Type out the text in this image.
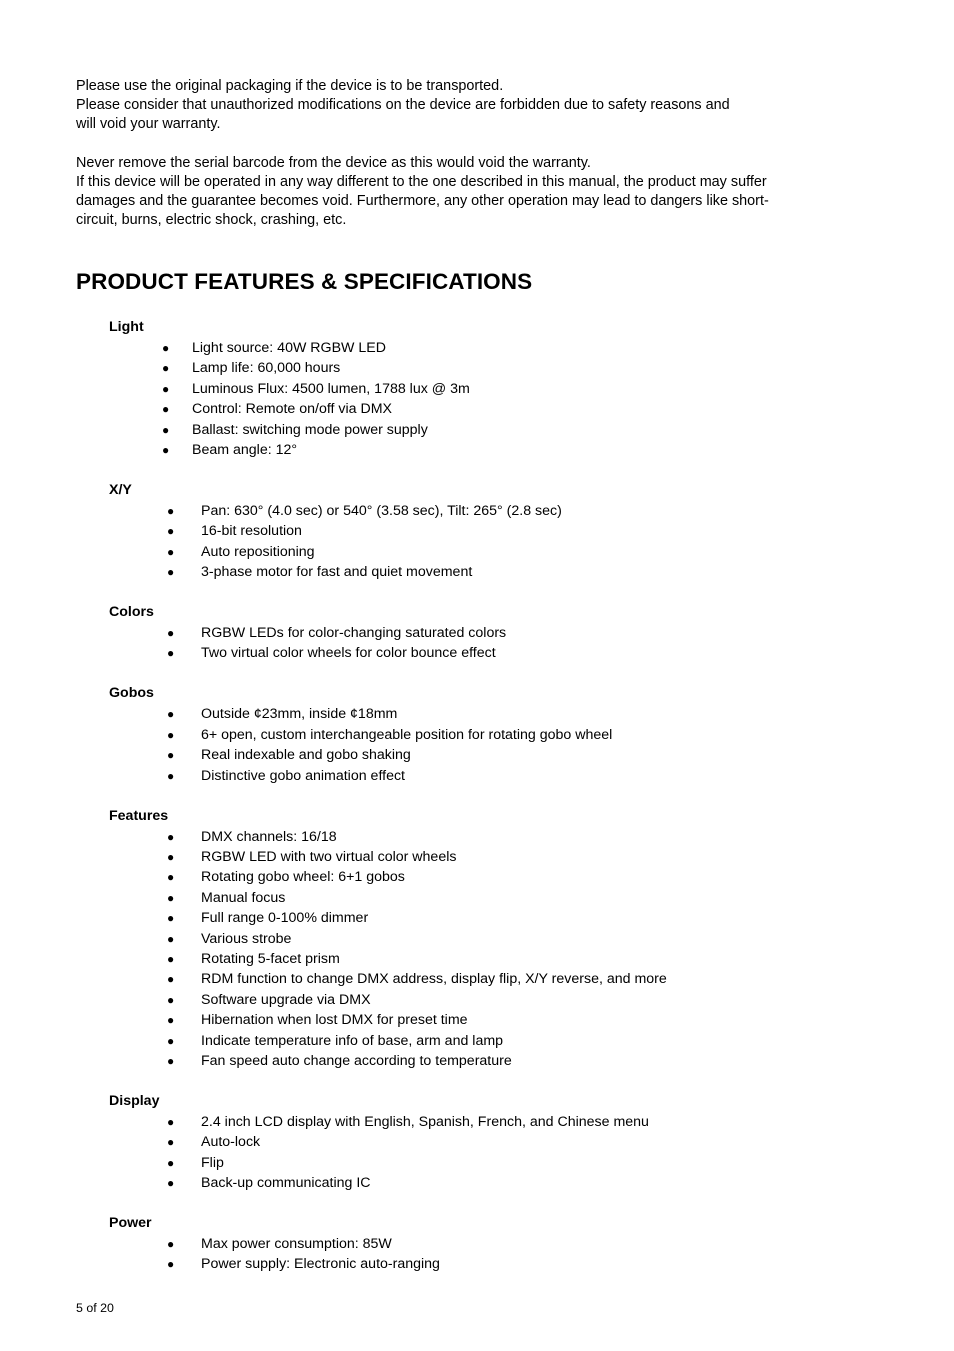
Please use the original packaging if the device is to be transported.
Please consider that unauthorized modifications on the device are forbidden due to safety reasons and
will void your warranty.

Never remove the serial barcode from the device as this would void the warranty.
If this device will be operated in any way different to the one described in this manual, the product may suffer
damages and the guarantee becomes void. Furthermore, any other operation may lead to dangers like short-
circuit, burns, electric shock, crashing, etc.

PRODUCT FEATURES & SPECIFICATIONS
Light
● Light source: 40W RGBW LED
● Lamp life: 60,000 hours
● Luminous Flux: 4500 lumen, 1788 lux @ 3m
● Control: Remote on/off via DMX
● Ballast: switching mode power supply
● Beam angle: 12°
X/Y
● Pan: 630° (4.0 sec) or 540° (3.58 sec), Tilt: 265° (2.8 sec)
● 16-bit resolution
● Auto repositioning
● 3-phase motor for fast and quiet movement
Colors
● RGBW LEDs for color-changing saturated colors
● Two virtual color wheels for color bounce effect
Gobos
● Outside ¢23mm, inside ¢18mm
● 6+ open, custom interchangeable position for rotating gobo wheel
● Real indexable and gobo shaking
● Distinctive gobo animation effect
Features
● DMX channels: 16/18
● RGBW LED with two virtual color wheels
● Rotating gobo wheel: 6+1 gobos
● Manual focus
● Full range 0-100% dimmer
● Various strobe
● Rotating 5-facet prism
● RDM function to change DMX address, display flip, X/Y reverse, and more
● Software upgrade via DMX
● Hibernation when lost DMX for preset time
● Indicate temperature info of base, arm and lamp
● Fan speed auto change according to temperature
Display
● 2.4 inch LCD display with English, Spanish, French, and Chinese menu
● Auto-lock
● Flip
● Back-up communicating IC
Power
● Max power consumption: 85W
● Power supply: Electronic auto-ranging
5 of 20
